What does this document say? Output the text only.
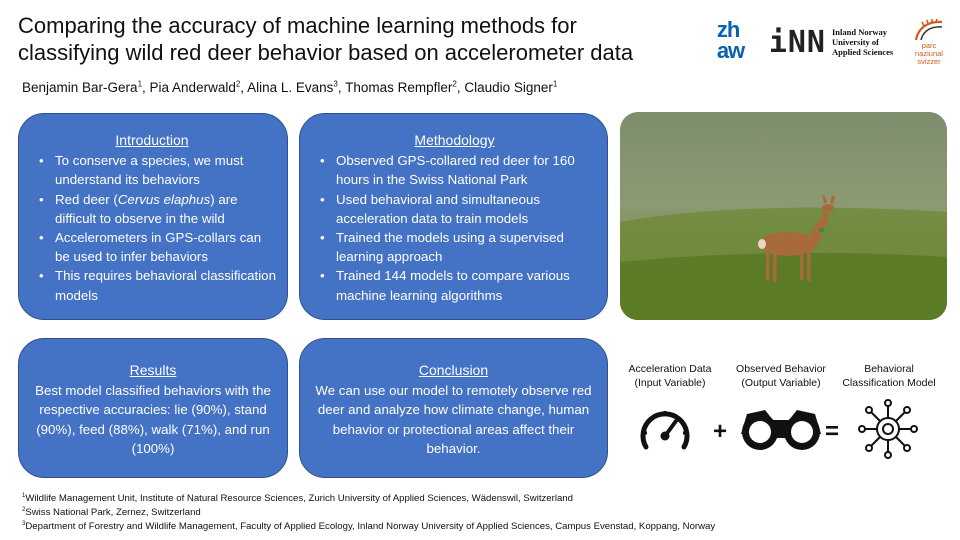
Comparing the accuracy of machine learning methods for classifying wild red deer behavior based on accelerometer data
zh
aw iNN Inland Norway
University of
Applied Sciences
parc
naziunal
svizzer
Benjamin Bar-Gera$^1$, Pia Anderwald$^2$, Alina L. Evans$^3$, Thomas Rempfler$^2$, Claudio Signer$^1$
Introduction
• To conserve a species, we must understand its behaviors
• Red deer (Cervus elaphus) are difficult to observe in the wild
• Accelerometers in GPS-collars can be used to infer behaviors
• This requires behavioral classification models
Methodology
• Observed GPS-collared red deer for 160 hours in the Swiss National Park
• Used behavioral and simultaneous acceleration data to train models
• Trained the models using a supervised learning approach
• Trained 144 models to compare various machine learning algorithms
Results

Best model classified behaviors with the respective accuracies: lie (90%), stand (90%), feed (88%), walk (71%), and run (100%)

Conclusion

We can use our model to remotely observe red deer and analyze how climate change, human behavior or protectional areas affect their behavior.

Acceleration Data
(Input Variable)
Observed Behavior
(Output Variable)
Behavioral
Classification Model
+	=
$^1$Wildlife Management Unit, Institute of Natural Resource Sciences, Zurich University of Applied Sciences, Wädenswil, Switzerland
$^2$Swiss National Park, Zernez, Switzerland
$^3$Department of Forestry and Wildlife Management, Faculty of Applied Ecology, Inland Norway University of Applied Sciences, Campus Evenstad, Koppang, Norway
